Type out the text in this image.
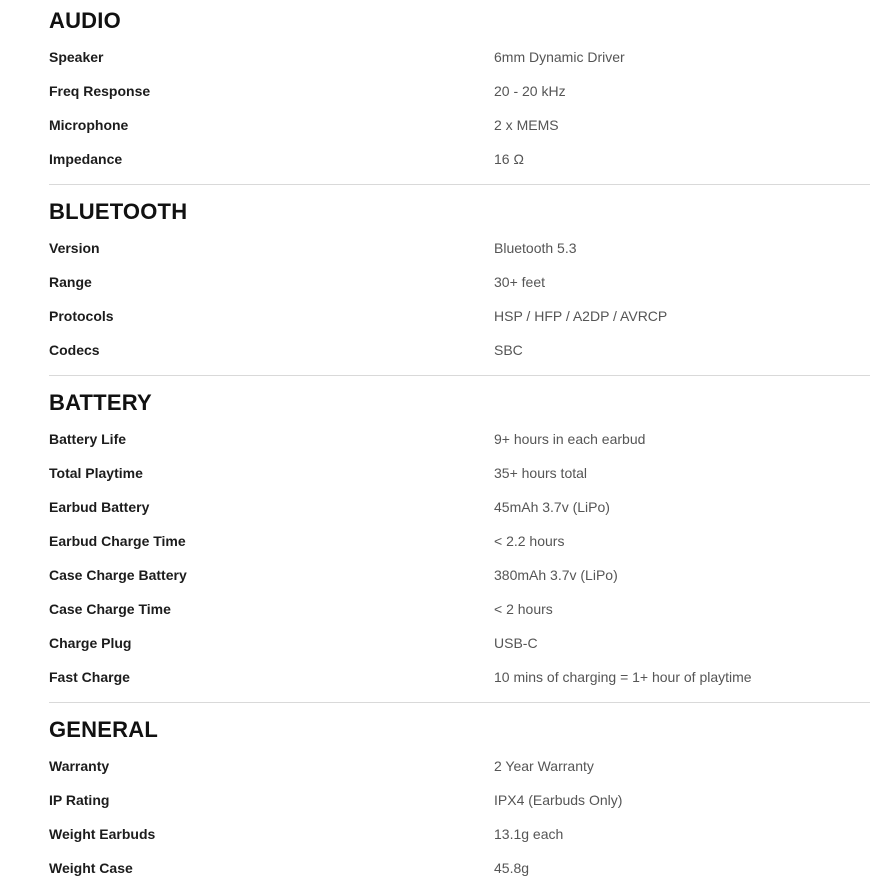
AUDIO
Speaker	6mm Dynamic Driver
Freq Response	20 - 20 kHz
Microphone	2 x MEMS
Impedance	16 Ω
BLUETOOTH
Version	Bluetooth 5.3
Range	30+ feet
Protocols	HSP / HFP / A2DP / AVRCP
Codecs	SBC
BATTERY
Battery Life	9+ hours in each earbud
Total Playtime	35+ hours total
Earbud Battery	45mAh 3.7v (LiPo)
Earbud Charge Time	< 2.2 hours
Case Charge Battery	380mAh 3.7v (LiPo)
Case Charge Time	< 2 hours
Charge Plug	USB-C
Fast Charge	10 mins of charging = 1+ hour of playtime
GENERAL
Warranty	2 Year Warranty
IP Rating	IPX4 (Earbuds Only)
Weight Earbuds	13.1g each
Weight Case	45.8g
